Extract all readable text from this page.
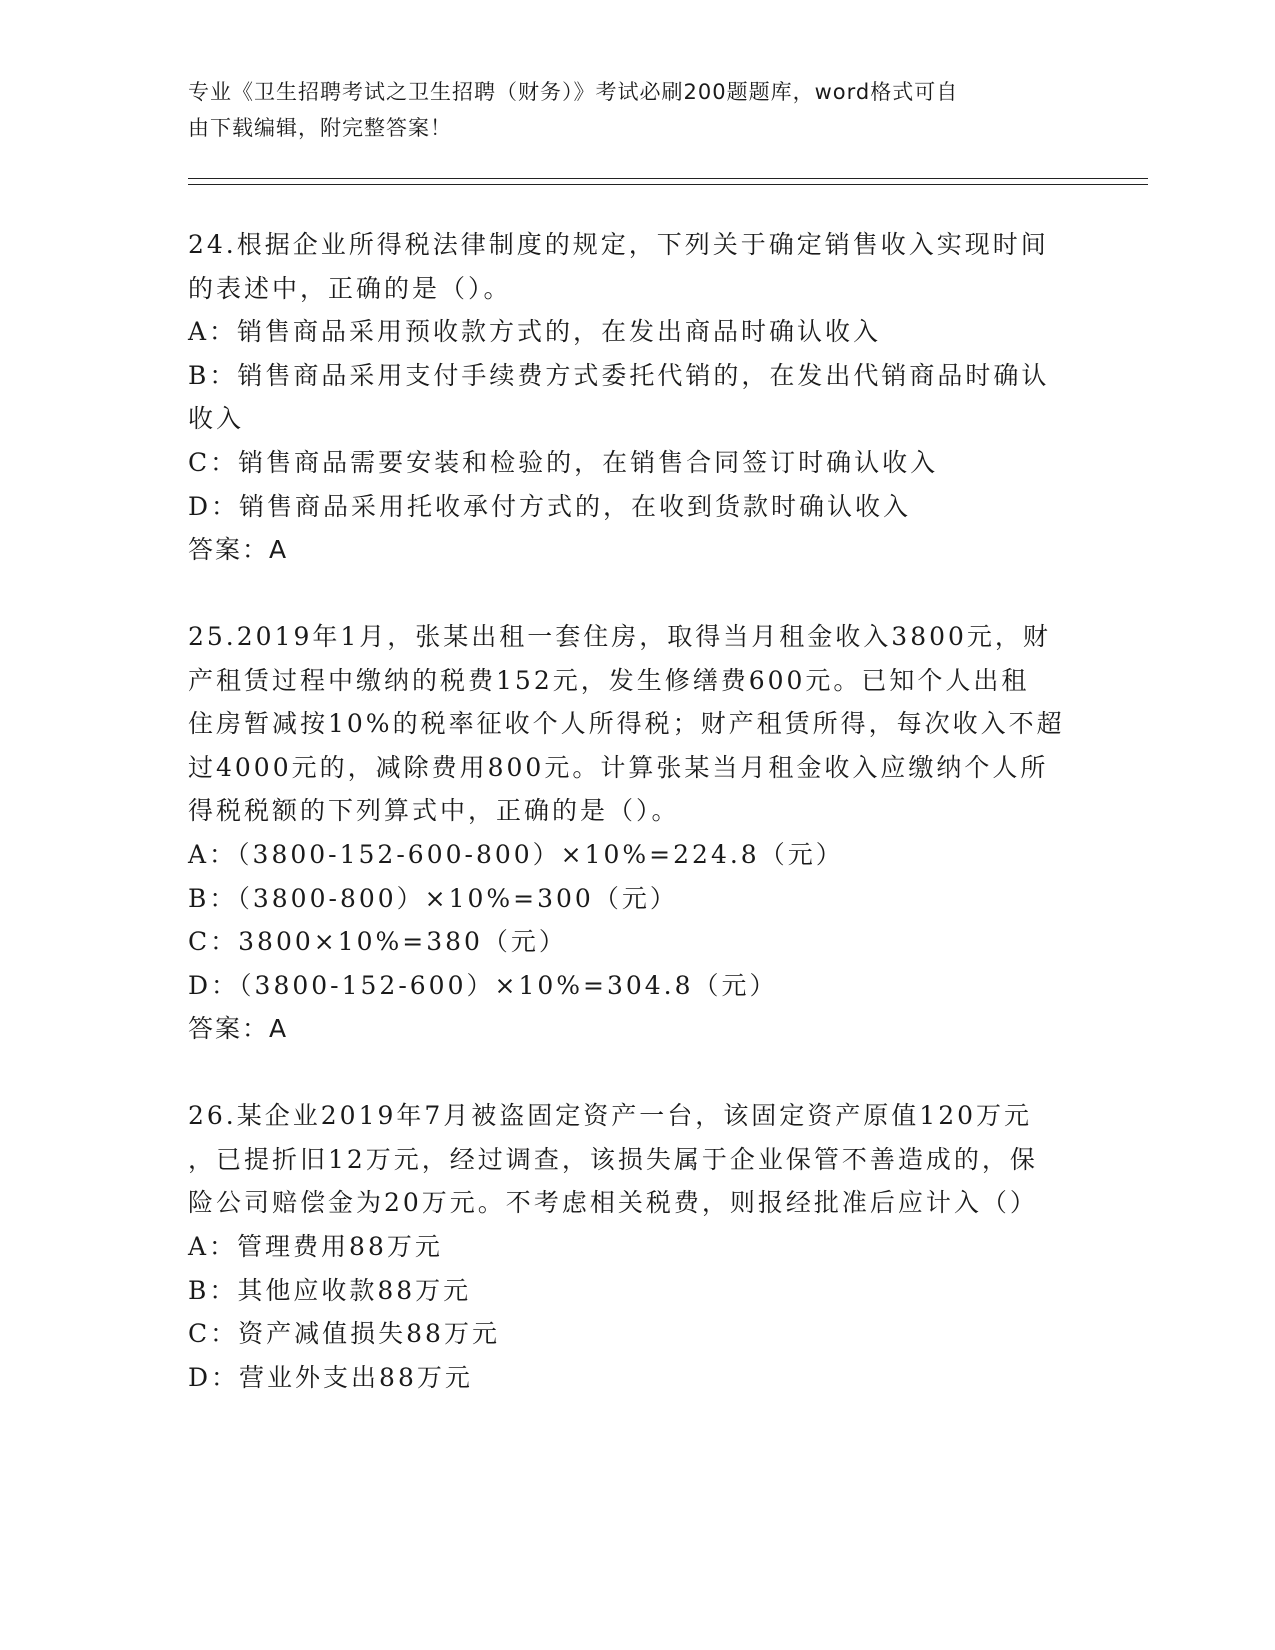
专业《卫生招聘考试之卫生招聘（财务）》考试必刷200题题库，word格式可自
由下载编辑，附完整答案！
24.根据企业所得税法律制度的规定，下列关于确定销售收入实现时间
的表述中，正确的是（）。
A：销售商品采用预收款方式的，在发出商品时确认收入
B：销售商品采用支付手续费方式委托代销的，在发出代销商品时确认
收入
C：销售商品需要安装和检验的，在销售合同签订时确认收入
D：销售商品采用托收承付方式的，在收到货款时确认收入
答案：A
25.2019年1月，张某出租一套住房，取得当月租金收入3800元，财
产租赁过程中缴纳的税费152元，发生修缮费600元。已知个人出租
住房暂减按10%的税率征收个人所得税；财产租赁所得，每次收入不超
过4000元的，减除费用800元。计算张某当月租金收入应缴纳个人所
得税税额的下列算式中，正确的是（）。
A：（3800-152-600-800）×10%=224.8（元）
B：（3800-800）×10%=300（元）
C：3800×10%=380（元）
D：（3800-152-600）×10%=304.8（元）
答案：A
26.某企业2019年7月被盗固定资产一台，该固定资产原值120万元
，已提折旧12万元，经过调查，该损失属于企业保管不善造成的，保
险公司赔偿金为20万元。不考虑相关税费，则报经批准后应计入（）
A：管理费用88万元
B：其他应收款88万元
C：资产减值损失88万元
D：营业外支出88万元
